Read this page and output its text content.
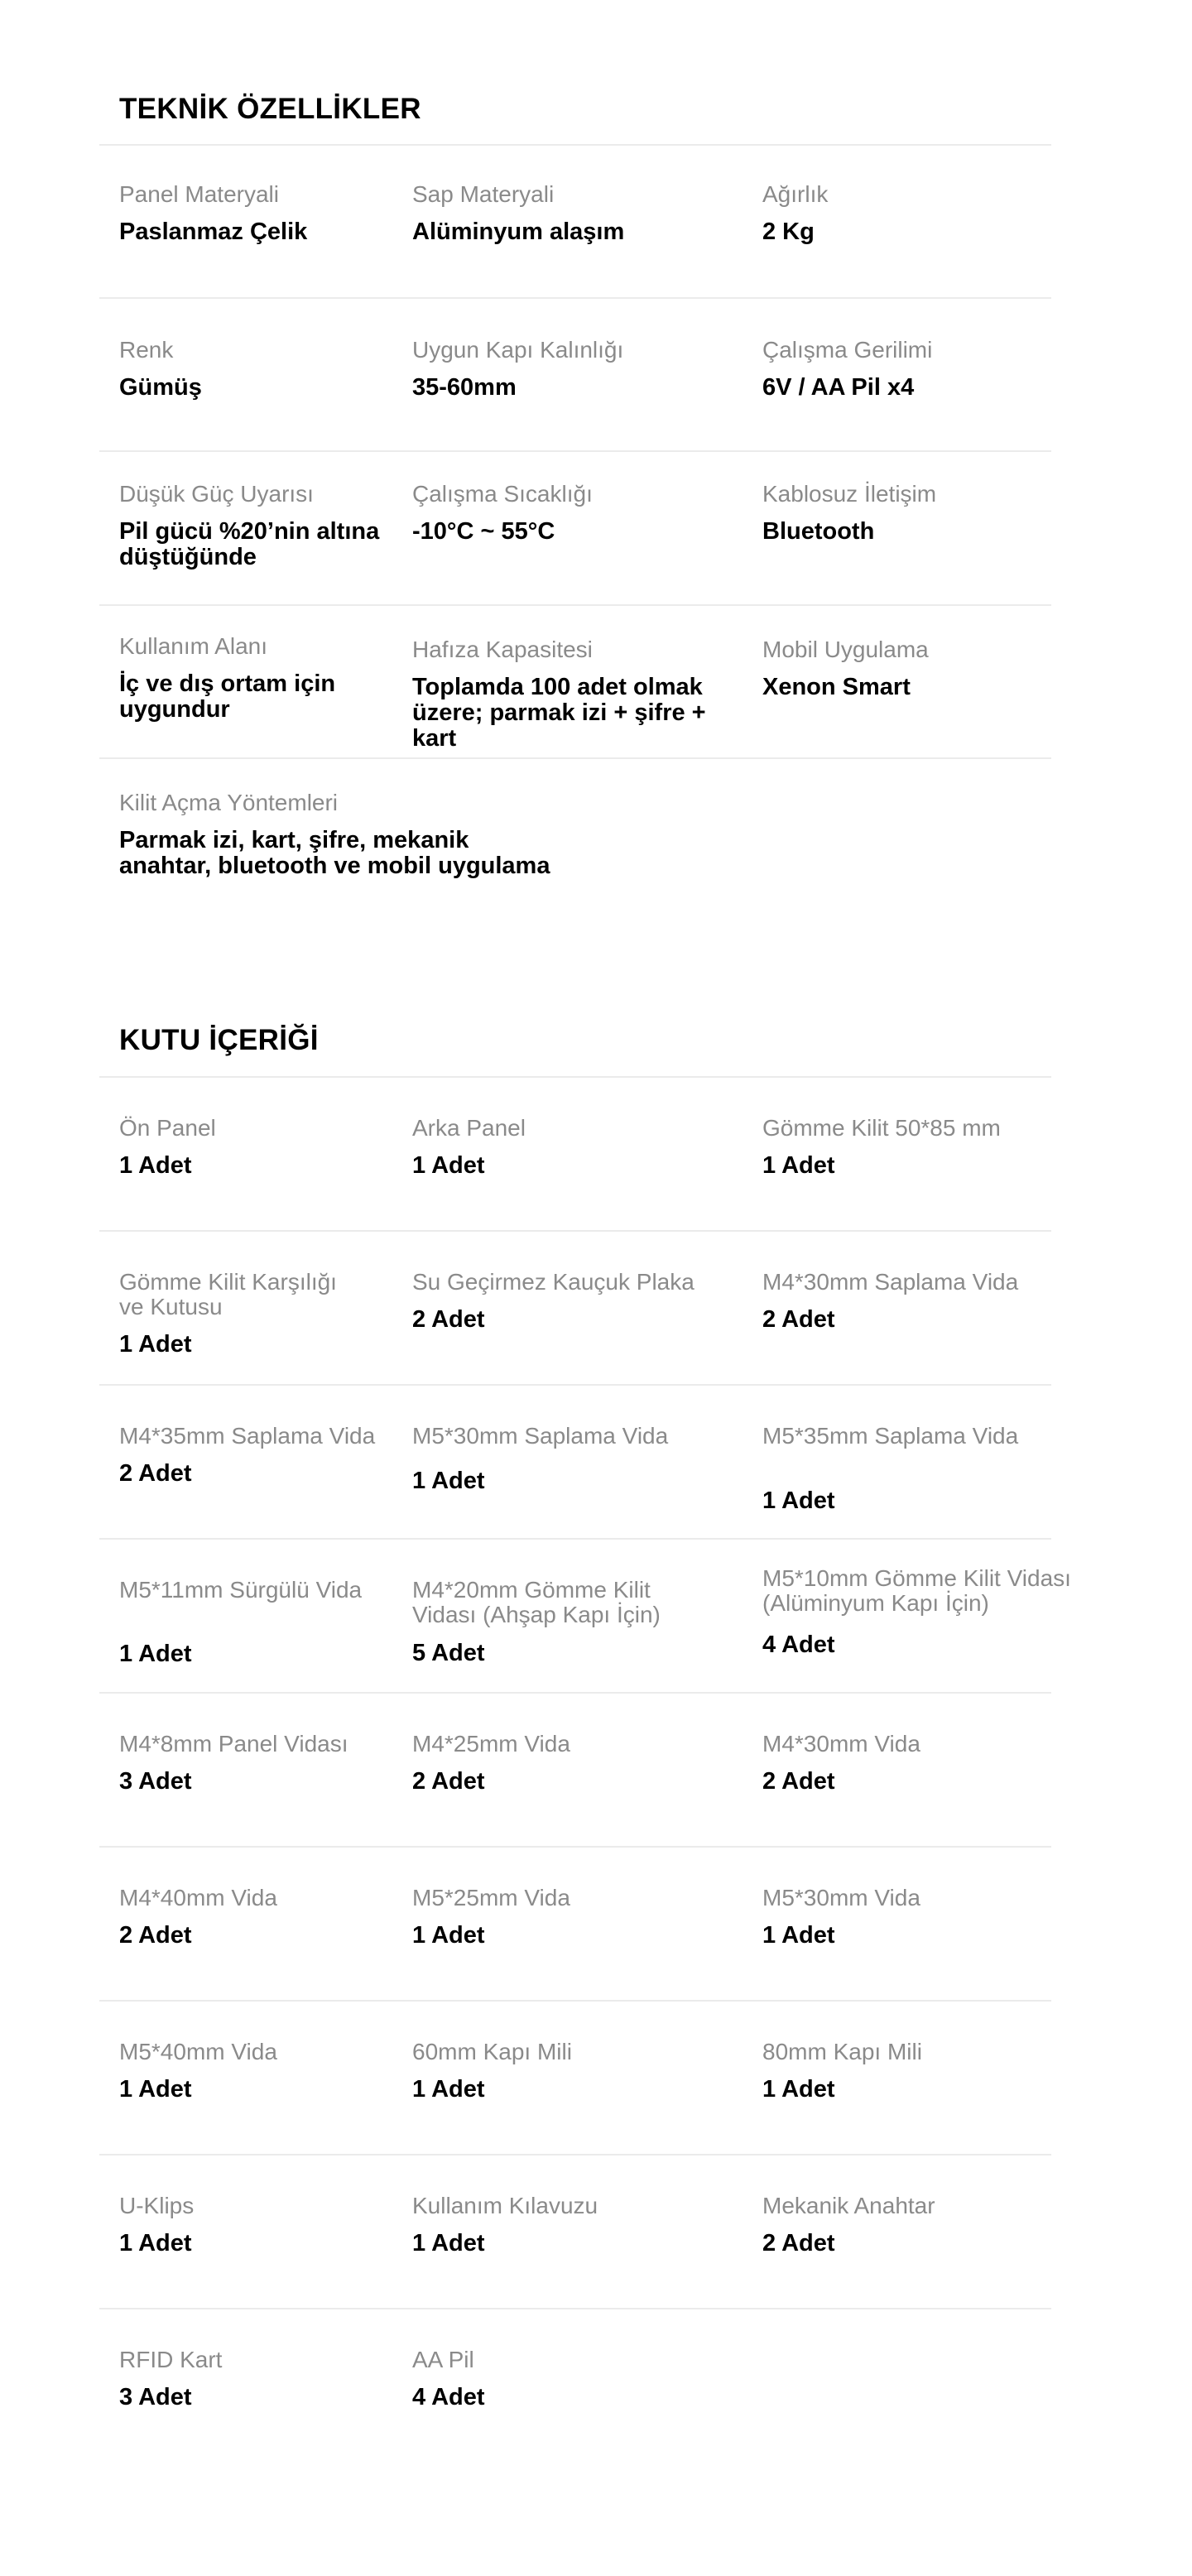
TEKNİK ÖZELLİKLER
Panel Materyali
Paslanmaz Çelik
Sap Materyali
Alüminyum alaşım
Ağırlık
2 Kg
Renk
Gümüş
Uygun Kapı Kalınlığı
35-60mm
Çalışma Gerilimi
6V / AA Pil x4
Düşük Güç Uyarısı
Pil gücü %20’nin altına
düştüğünde
Çalışma Sıcaklığı
-10°C ~ 55°C
Kablosuz İletişim
Bluetooth
Kullanım Alanı
İç ve dış ortam için
uygundur
Hafıza Kapasitesi
Toplamda 100 adet olmak
üzere; parmak izi + şifre + kart
Mobil Uygulama
Xenon Smart
Kilit Açma Yöntemleri
Parmak izi, kart, şifre, mekanik
anahtar, bluetooth ve mobil uygulama
KUTU İÇERİĞİ
Ön Panel
1 Adet
Arka Panel
1 Adet
Gömme Kilit 50*85 mm
1 Adet
Gömme Kilit Karşılığı
ve Kutusu
1 Adet
Su Geçirmez Kauçuk Plaka
2 Adet
M4*30mm Saplama Vida
2 Adet
M4*35mm Saplama Vida
2 Adet
M5*30mm Saplama Vida
1 Adet
M5*35mm Saplama Vida
1 Adet
M5*11mm Sürgülü Vida
1 Adet
M4*20mm Gömme Kilit
Vidası (Ahşap Kapı İçin)
5 Adet
M5*10mm Gömme Kilit Vidası
(Alüminyum Kapı İçin)
4 Adet
M4*8mm Panel Vidası
3 Adet
M4*25mm Vida
2 Adet
M4*30mm Vida
2 Adet
M4*40mm Vida
2 Adet
M5*25mm Vida
1 Adet
M5*30mm Vida
1 Adet
M5*40mm Vida
1 Adet
60mm Kapı Mili
1 Adet
80mm Kapı Mili
1 Adet
U-Klips
1 Adet
Kullanım Kılavuzu
1 Adet
Mekanik Anahtar
2 Adet
RFID Kart
3 Adet
AA Pil
4 Adet
